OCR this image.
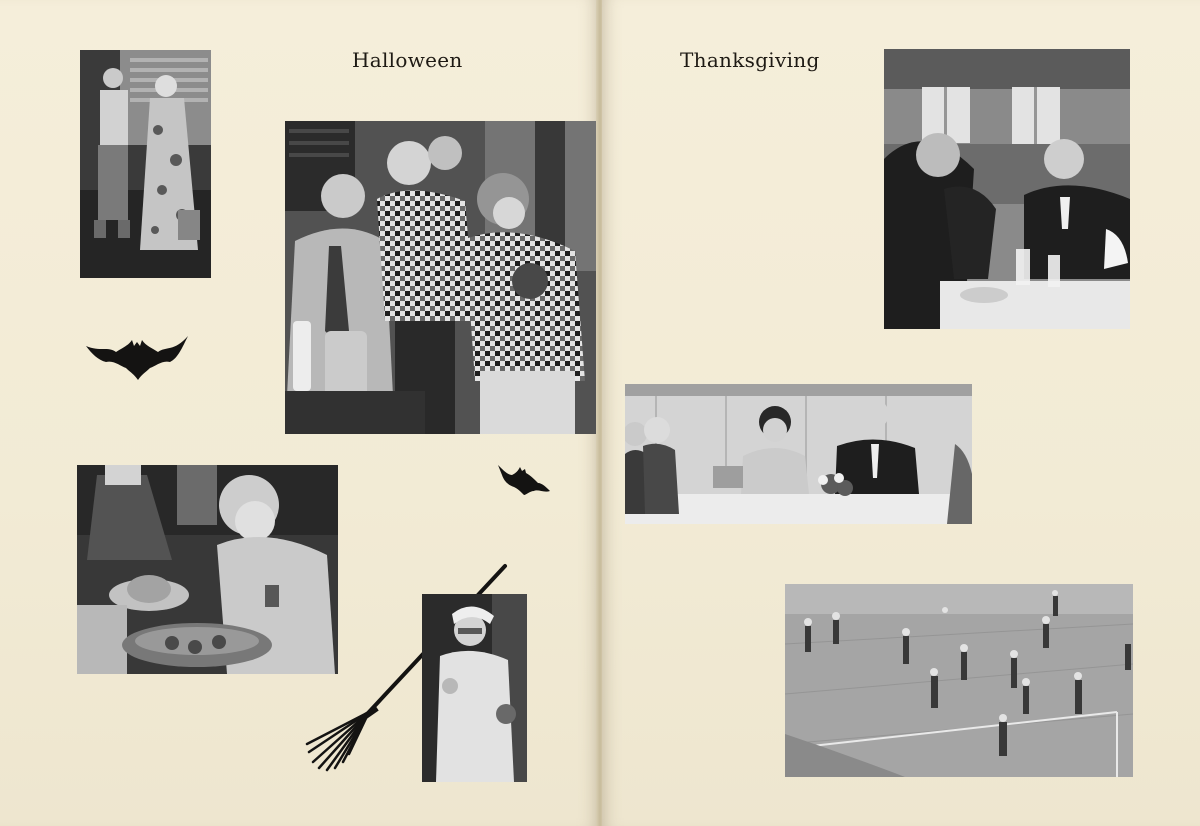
Halloween	Thanksgiving
